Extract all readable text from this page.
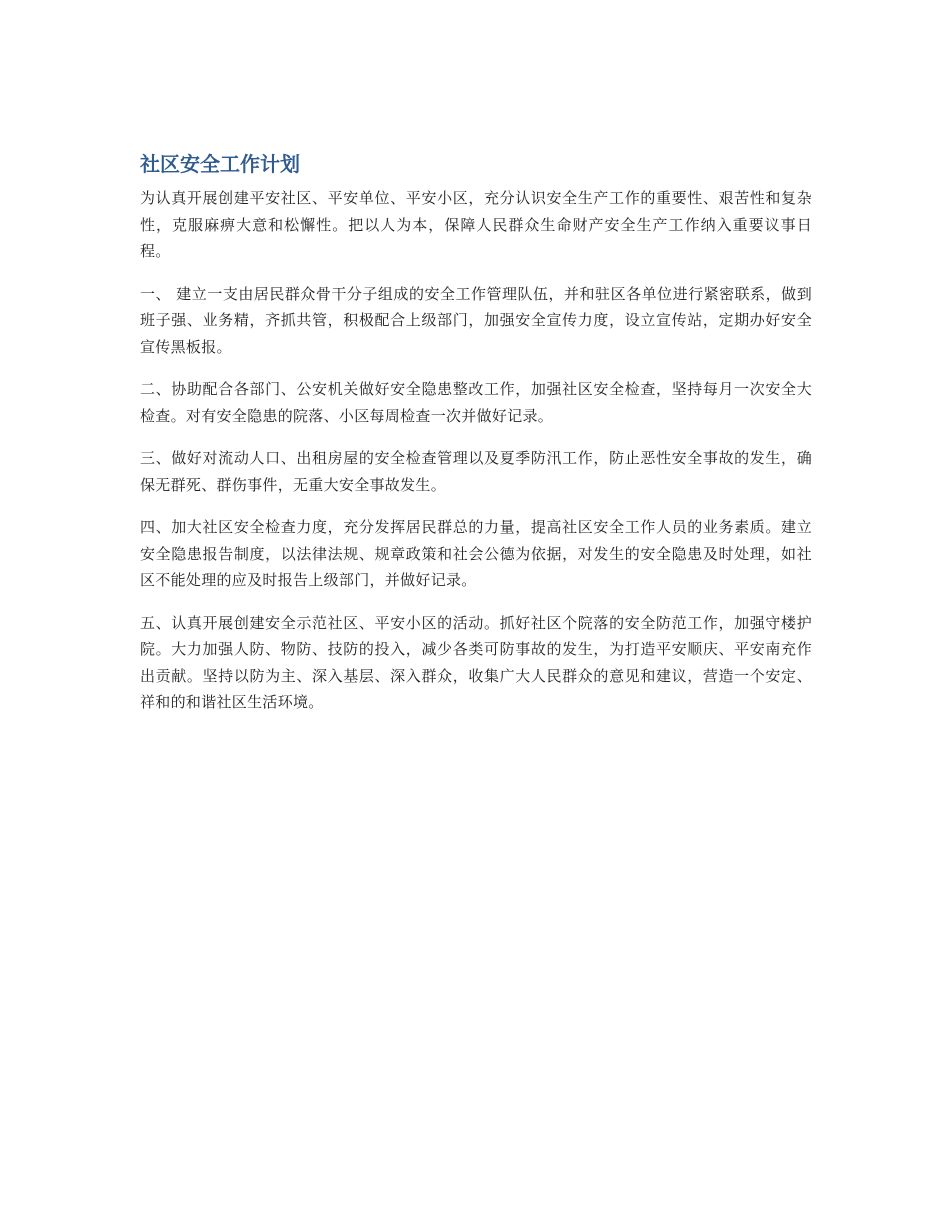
社区安全工作计划

为认真开展创建平安社区、平安单位、平安小区，充分认识安全生产工作的重要性、艰苦性和复杂性，克服麻痹大意和松懈性。把以人为本，保障人民群众生命财产安全生产工作纳入重要议事日程。

一、 建立一支由居民群众骨干分子组成的安全工作管理队伍，并和驻区各单位进行紧密联系，做到班子强、业务精，齐抓共管，积极配合上级部门，加强安全宣传力度，设立宣传站，定期办好安全宣传黑板报。

二、协助配合各部门、公安机关做好安全隐患整改工作，加强社区安全检查，坚持每月一次安全大检查。对有安全隐患的院落、小区每周检查一次并做好记录。

三、做好对流动人口、出租房屋的安全检查管理以及夏季防汛工作，防止恶性安全事故的发生，确保无群死、群伤事件，无重大安全事故发生。

四、加大社区安全检查力度，充分发挥居民群总的力量，提高社区安全工作人员的业务素质。建立安全隐患报告制度，以法律法规、规章政策和社会公德为依据，对发生的安全隐患及时处理，如社区不能处理的应及时报告上级部门，并做好记录。

五、认真开展创建安全示范社区、平安小区的活动。抓好社区个院落的安全防范工作，加强守楼护院。大力加强人防、物防、技防的投入，减少各类可防事故的发生，为打造平安顺庆、平安南充作出贡献。坚持以防为主、深入基层、深入群众，收集广大人民群众的意见和建议，营造一个安定、祥和的和谐社区生活环境。
